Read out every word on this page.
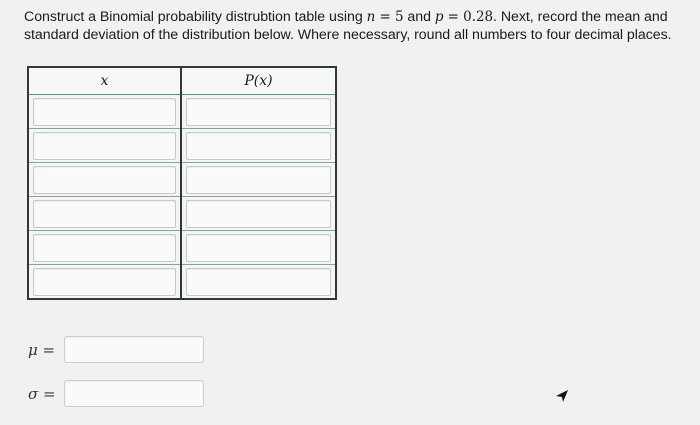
Construct a Binomial probability distrubtion table using n = 5 and p = 0.28. Next, record the mean and standard deviation of the distribution below. Where necessary, round all numbers to four decimal places.
x	P(x)

μ =
σ =
